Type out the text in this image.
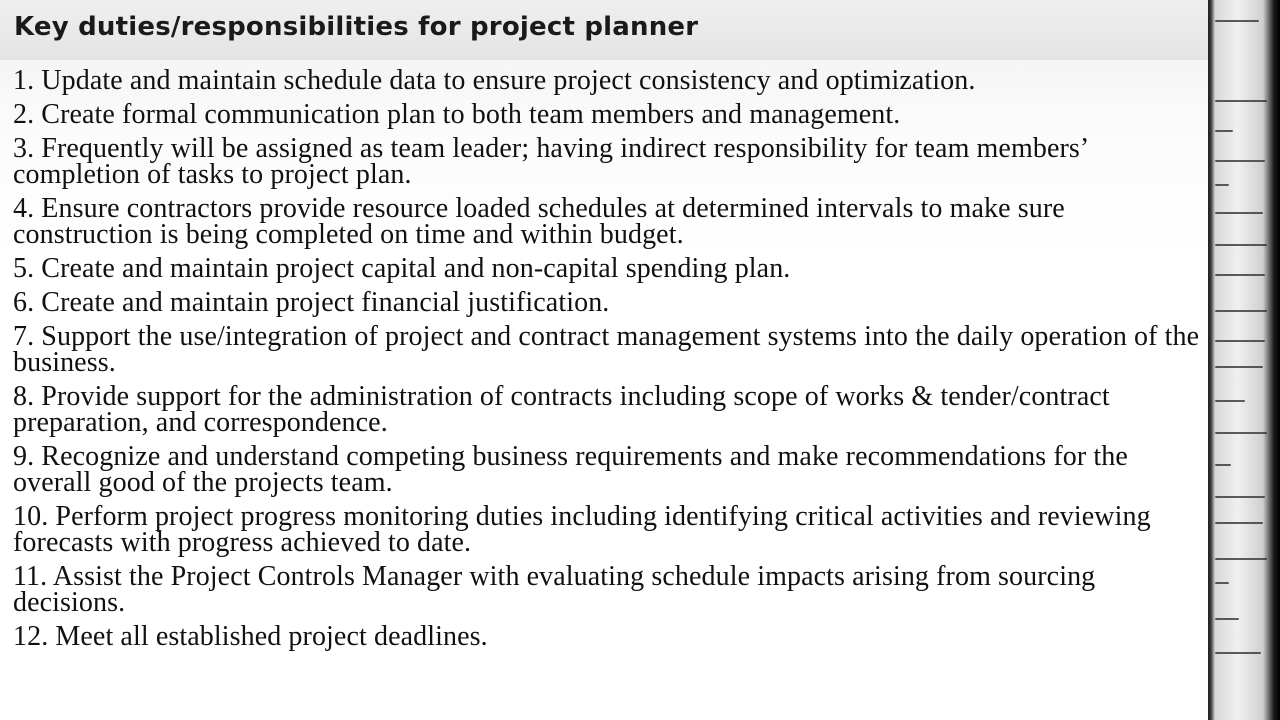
Key duties/responsibilities for project planner
1. Update and maintain schedule data to ensure project consistency and optimization.
2. Create formal communication plan to both team members and management.
3. Frequently will be assigned as team leader; having indirect responsibility for team members’ completion of tasks to project plan.
4. Ensure contractors provide resource loaded schedules at determined intervals to make sure construction is being completed on time and within budget.
5. Create and maintain project capital and non-capital spending plan.
6. Create and maintain project financial justification.
7. Support the use/integration of project and contract management systems into the daily operation of the business.
8. Provide support for the administration of contracts including scope of works & tender/contract preparation, and correspondence.
9. Recognize and understand competing business requirements and make recommendations for the overall good of the projects team.
10. Perform project progress monitoring duties including identifying critical activities and reviewing forecasts with progress achieved to date.
11. Assist the Project Controls Manager with evaluating schedule impacts arising from sourcing decisions.
12. Meet all established project deadlines.
